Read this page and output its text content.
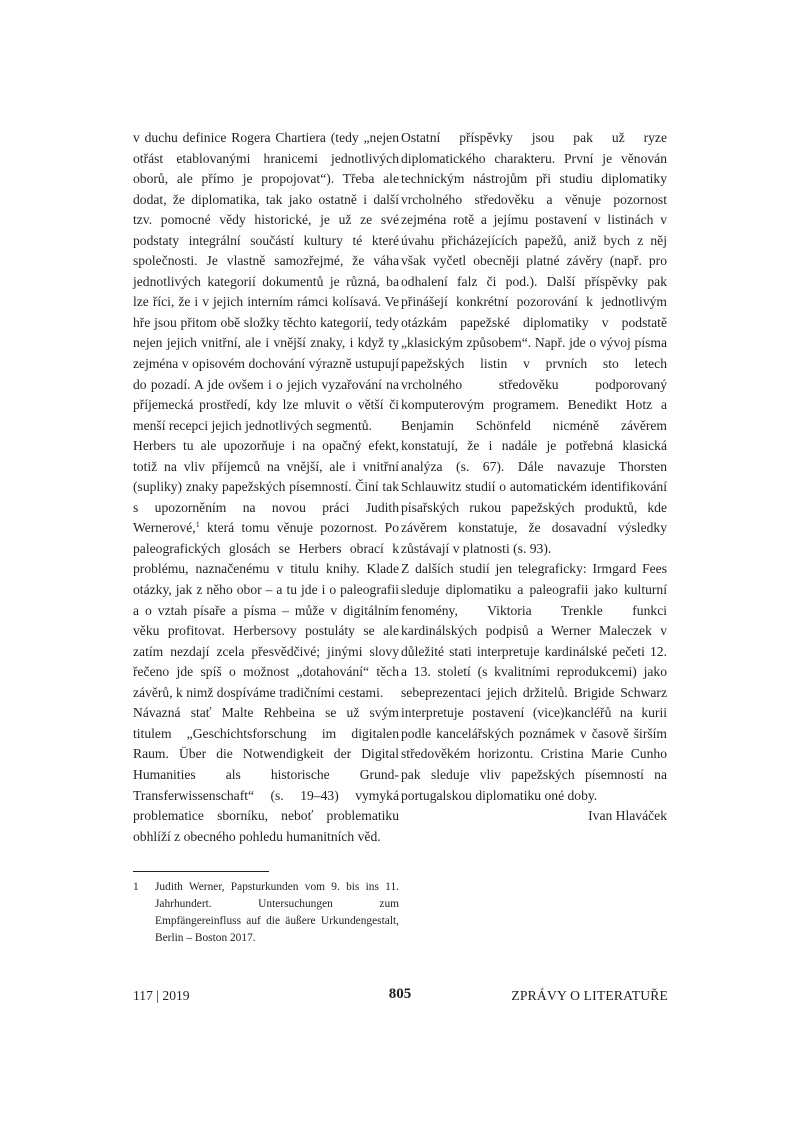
v duchu definice Rogera Chartiera (tedy „nejen otřást etablovanými hranicemi jednotlivých oborů, ale přímo je propojovat“). Třeba ale dodat, že diplomatika, tak jako ostatně i další tzv. pomocné vědy historické, je už ze své podstaty integrální součástí kultury té které společnosti. Je vlastně samozřejmé, že váha jednotlivých kategorií dokumentů je různá, ba lze říci, že i v jejich interním rámci kolísavá. Ve hře jsou přitom obě složky těchto kategorií, tedy nejen jejich vnitřní, ale i vnější znaky, i když ty zejména v opisovém dochování výrazně ustupují do pozadí. A jde ovšem i o jejich vyzařování na příjemecká prostředí, kdy lze mluvit o větší či menší recepci jejich jednotlivých segmentů.

Herbers tu ale upozorňuje i na opačný efekt, totiž na vliv příjemců na vnější, ale i vnitřní (supliky) znaky papežských písemností. Činí tak s upozorněním na novou práci Judith Wernerové,$^1$ která tomu věnuje pozornost. Po paleografických glosách se Herbers obrací k problému, naznačenému v titulu knihy. Klade otázky, jak z něho obor – a tu jde i o paleografii a o vztah písaře a písma – může v digitálním věku profitovat. Herbersovy postuláty se ale zatím nezdají zcela přesvědčivé; jinými slovy řečeno jde spíš o možnost „dotahování“ těch závěrů, k nimž dospíváme tradičními cestami.

Návazná stať Malte Rehbeina se už svým titulem „Geschichtsforschung im digitalen Raum. Über die Notwendigkeit der Digital Humanities als historische Grund- Transferwissenschaft“ (s. 19–43) vymyká problematice sborníku, neboť problematiku obhlíží z obecného pohledu humanitních věd.

Ostatní příspěvky jsou pak už ryze diplomatického charakteru. První je věnován technickým nástrojům při studiu diplomatiky vrcholného středověku a věnuje pozornost zejména rotě a jejímu postavení v listinách v úvahu přicházejících papežů, aniž bych z něj však vyčetl obecněji platné závěry (např. pro odhalení falz či pod.). Další příspěvky pak přinášejí konkrétní pozorování k jednotlivým otázkám papežské diplomatiky v podstatě „klasickým způsobem“. Např. jde o vývoj písma papežských listin v prvních sto letech vrcholného středověku podporovaný komputerovým programem. Benedikt Hotz a Benjamin Schönfeld nicméně závěrem konstatují, že i nadále je potřebná klasická analýza (s. 67). Dále navazuje Thorsten Schlauwitz studií o automatickém identifikování písařských rukou papežských produktů, kde závěrem konstatuje, že dosavadní výsledky zůstávají v platnosti (s. 93).

Z dalších studií jen telegraficky: Irmgard Fees sleduje diplomatiku a paleografii jako kulturní fenomény, Viktoria Trenkle funkci kardinálských podpisů a Werner Maleczek v důležité stati interpretuje kardinálské pečeti 12. a 13. století (s kvalitními reprodukcemi) jako sebeprezentaci jejich držitelů. Brigide Schwarz interpretuje postavení (vice)kancléřů na kurii podle kancelářských poznámek v časově širším středověkém horizontu. Cristina Marie Cunho pak sleduje vliv papežských písemností na portugalskou diplomatiku oné doby.

Ivan Hlaváček

1 Judith Werner, Papsturkunden vom 9. bis ins 11. Jahrhundert. Untersuchungen zum Empfängereinfluss auf die äußere Urkundengestalt, Berlin – Boston 2017.
117 | 2019	805	ZPRÁVY O LITERATUŘE
